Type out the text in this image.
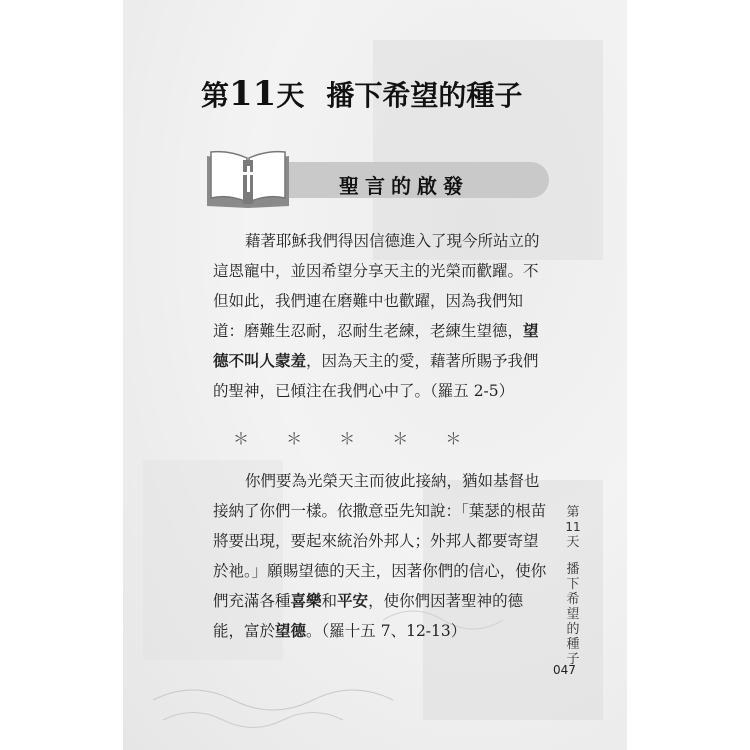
第11天 播下希望的種子
聖言的啟發

藉著耶穌我們得因信德進入了現今所站立的這恩寵中，並因希望分享天主的光榮而歡躍。不但如此，我們連在磨難中也歡躍，因為我們知道：磨難生忍耐，忍耐生老練，老練生望德，望德不叫人蒙羞，因為天主的愛，藉著所賜予我們的聖神，已傾注在我們心中了。（羅五 2-5）

＊ ＊ ＊ ＊ ＊

你們要為光榮天主而彼此接納，猶如基督也接納了你們一樣。依撒意亞先知說：「葉瑟的根苗將要出現，要起來統治外邦人；外邦人都要寄望於祂。」願賜望德的天主，因著你們的信心，使你們充滿各種喜樂和平安，使你們因著聖神的德能，富於望德。（羅十五 7、12-13）

第
11
天
播
下
希
望
的
種
子
047
